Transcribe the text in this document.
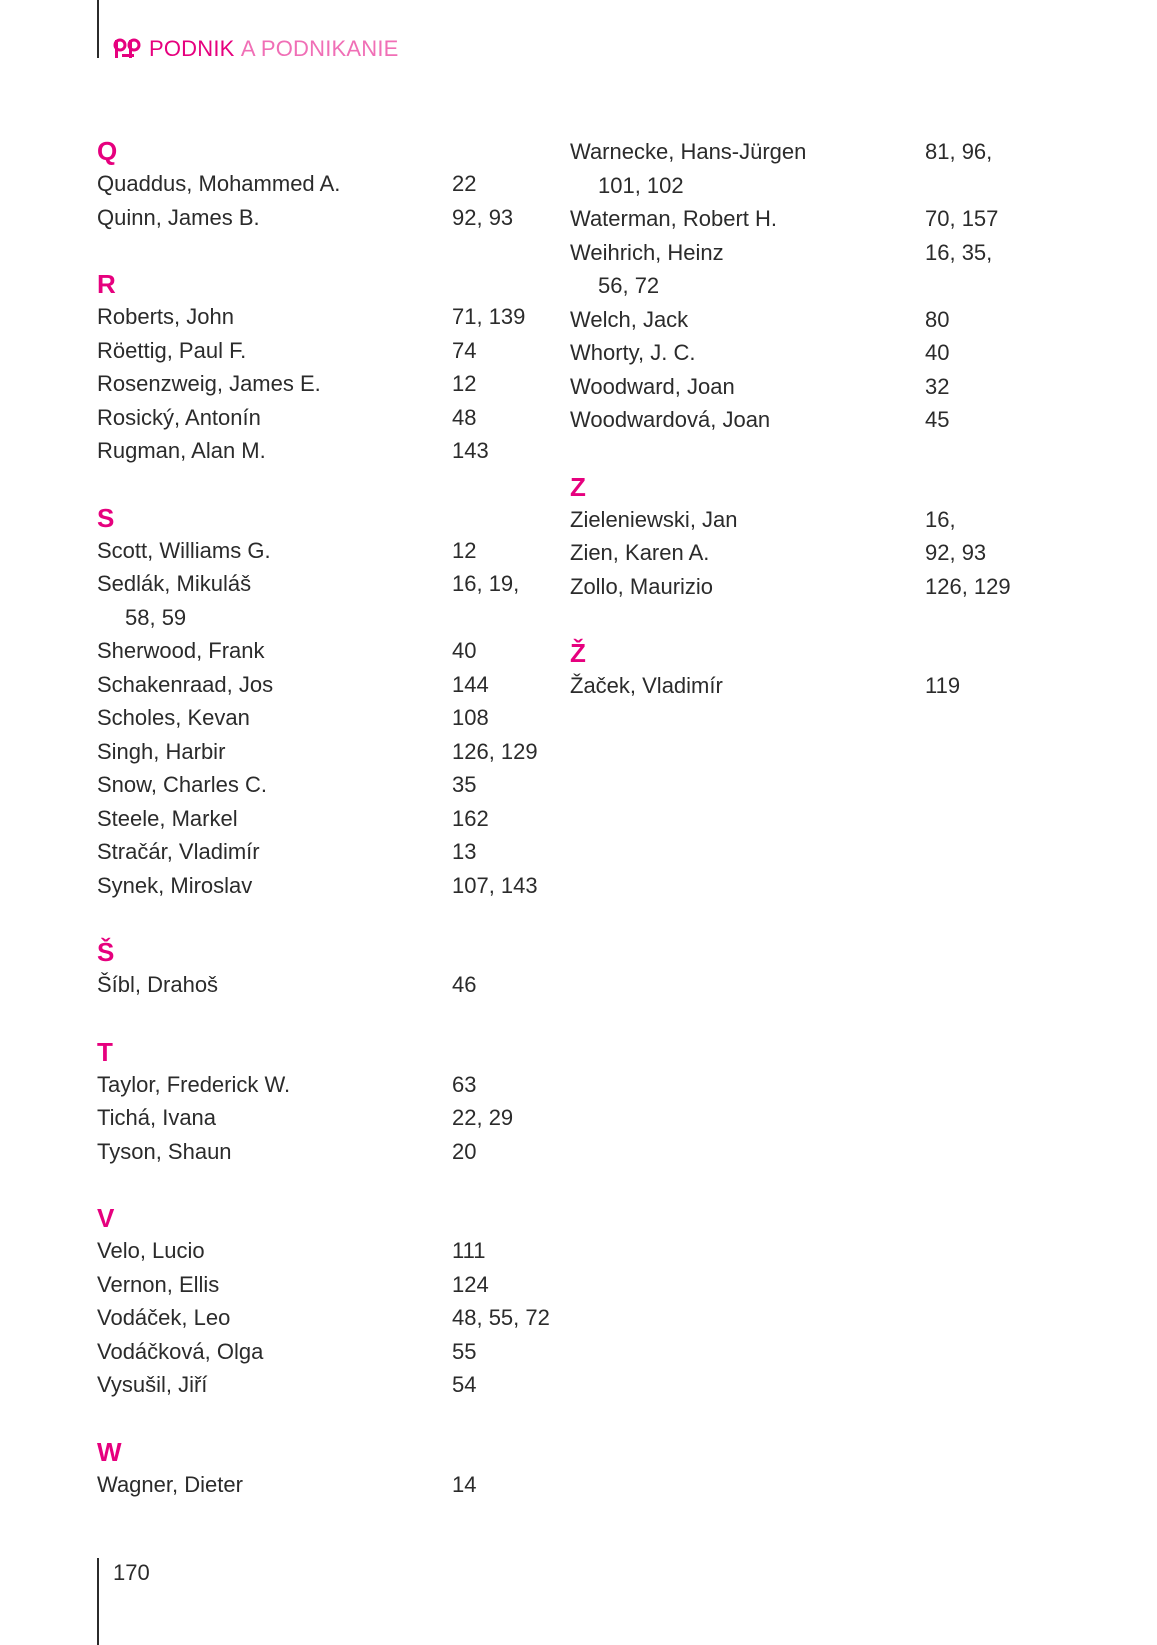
PODNIK
A PODNIKANIE
Q
Quaddus, Mohammed A.	22
Quinn, James B.	92, 93
R
Roberts, John	71, 139
Röettig, Paul F.	74
Rosenzweig, James E.	12
Rosický, Antonín	48
Rugman, Alan M.	143
S
Scott, Williams G.	12
Sedlák, Mikuláš	16, 19,
58, 59
Sherwood, Frank	40
Schakenraad, Jos	144
Scholes, Kevan	108
Singh, Harbir	126, 129
Snow, Charles C.	35
Steele, Markel	162
Stračár, Vladimír	13
Synek, Miroslav	107, 143
Š
Šíbl, Drahoš	46
T
Taylor, Frederick W.	63
Tichá, Ivana	22, 29
Tyson, Shaun	20
V
Velo, Lucio	111
Vernon, Ellis	124
Vodáček, Leo	48, 55, 72
Vodáčková, Olga	55
Vysušil, Jiří	54
W
Wagner, Dieter	14
Warnecke, Hans-Jürgen	81, 96,
101, 102
Waterman, Robert H.	70, 157
Weihrich, Heinz	16, 35,
56, 72
Welch, Jack	80
Whorty, J. C.	40
Woodward, Joan	32
Woodwardová, Joan	45
Z
Zieleniewski, Jan	16,
Zien, Karen A.	92, 93
Zollo, Maurizio	126, 129
Ž
Žaček, Vladimír	119
170
